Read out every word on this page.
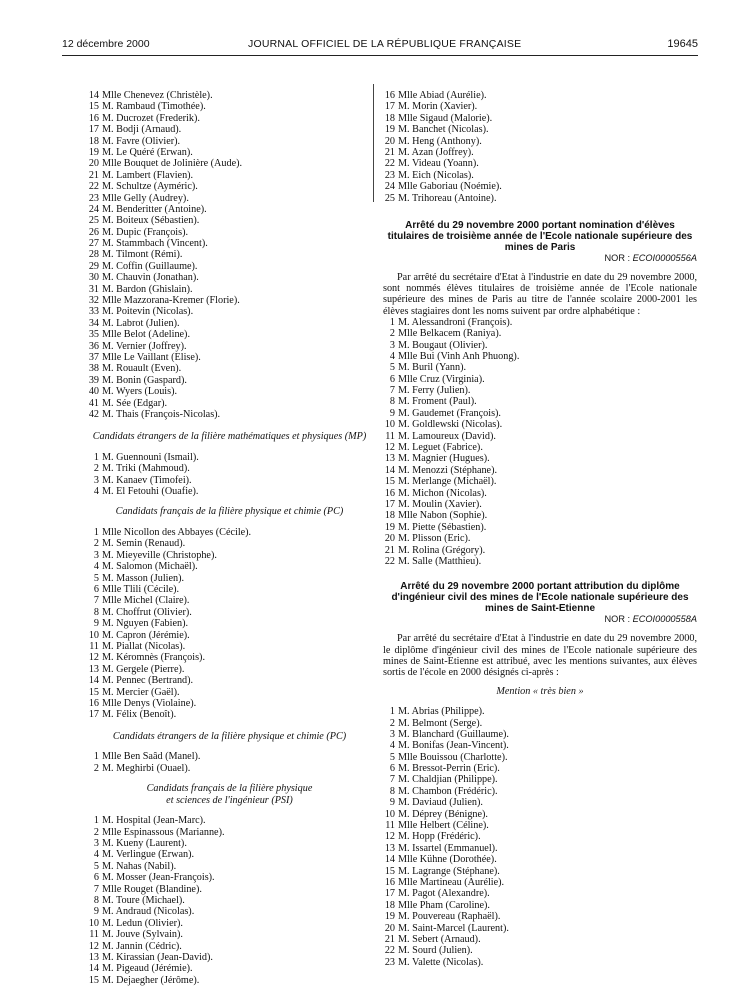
12 décembre 2000	JOURNAL OFFICIEL DE LA RÉPUBLIQUE FRANÇAISE	19645
14 Mlle Chenevez (Christèle).
15 M. Rambaud (Timothée).
16 M. Ducrozet (Frederik).
17 M. Bodji (Arnaud).
18 M. Favre (Olivier).
19 M. Le Quéré (Erwan).
20 Mlle Bouquet de Jolinière (Aude).
21 M. Lambert (Flavien).
22 M. Schultze (Ayméric).
23 Mlle Gelly (Audrey).
24 M. Benderitter (Antoine).
25 M. Boiteux (Sébastien).
26 M. Dupic (François).
27 M. Stammbach (Vincent).
28 M. Tilmont (Rémi).
29 M. Coffin (Guillaume).
30 M. Chauvin (Jonathan).
31 M. Bardon (Ghislain).
32 Mlle Mazzorana-Kremer (Florie).
33 M. Poitevin (Nicolas).
34 M. Labrot (Julien).
35 Mlle Belot (Adeline).
36 M. Vernier (Joffrey).
37 Mlle Le Vaillant (Elise).
38 M. Rouault (Even).
39 M. Bonin (Gaspard).
40 M. Wyers (Louis).
41 M. Sée (Edgar).
42 M. Thais (François-Nicolas).

Candidats étrangers de la filière mathématiques et physiques (MP)

1 M. Guennouni (Ismail).
2 M. Triki (Mahmoud).
3 M. Kanaev (Timofei).
4 M. El Fetouhi (Ouafie).

Candidats français de la filière physique et chimie (PC)

1 Mlle Nicollon des Abbayes (Cécile).
2 M. Semin (Renaud).
3 M. Mieyeville (Christophe).
4 M. Salomon (Michaël).
5 M. Masson (Julien).
6 Mlle Tlili (Cécile).
7 Mlle Michel (Claire).
8 M. Choffrut (Olivier).
9 M. Nguyen (Fabien).
10 M. Capron (Jérémie).
11 M. Piallat (Nicolas).
12 M. Kéromnès (François).
13 M. Gergele (Pierre).
14 M. Pennec (Bertrand).
15 M. Mercier (Gaël).
16 Mlle Denys (Violaine).
17 M. Félix (Benoît).

Candidats étrangers de la filière physique et chimie (PC)

1 Mlle Ben Saâd (Manel).
2 M. Meghirbi (Ouael).

Candidats français de la filière physique

et sciences de l'ingénieur (PSI)

1 M. Hospital (Jean-Marc).
2 Mlle Espinassous (Marianne).
3 M. Kueny (Laurent).
4 M. Verlingue (Erwan).
5 M. Nahas (Nabil).
6 M. Mosser (Jean-François).
7 Mlle Rouget (Blandine).
8 M. Toure (Michael).
9 M. Andraud (Nicolas).
10 M. Ledun (Olivier).
11 M. Jouve (Sylvain).
12 M. Jannin (Cédric).
13 M. Kirassian (Jean-David).
14 M. Pigeaud (Jérémie).
15 M. Dejaegher (Jérôme).
16 Mlle Abiad (Aurélie).
17 M. Morin (Xavier).
18 Mlle Sigaud (Malorie).
19 M. Banchet (Nicolas).
20 M. Heng (Anthony).
21 M. Azan (Joffrey).
22 M. Videau (Yoann).
23 M. Eich (Nicolas).
24 Mlle Gaboriau (Noémie).
25 M. Trihoreau (Antoine).

Arrêté du 29 novembre 2000 portant nomination d'élèves titulaires de troisième année de l'Ecole nationale supérieure des mines de Paris

NOR : ECOI0000556A

Par arrêté du secrétaire d'Etat à l'industrie en date du 29 novembre 2000, sont nommés élèves titulaires de troisième année de l'Ecole nationale supérieure des mines de Paris au titre de l'année scolaire 2000-2001 les élèves stagiaires dont les noms suivent par ordre alphabétique :

1 M. Alessandroni (François).
2 Mlle Belkacem (Raniya).
3 M. Bougaut (Olivier).
4 Mlle Bui (Vinh Anh Phuong).
5 M. Buril (Yann).
6 Mlle Cruz (Virginia).
7 M. Ferry (Julien).
8 M. Froment (Paul).
9 M. Gaudemet (François).
10 M. Goldlewski (Nicolas).
11 M. Lamoureux (David).
12 M. Leguet (Fabrice).
13 M. Magnier (Hugues).
14 M. Menozzi (Stéphane).
15 M. Merlange (Michaël).
16 M. Michon (Nicolas).
17 M. Moulin (Xavier).
18 Mlle Nabon (Sophie).
19 M. Piette (Sébastien).
20 M. Plisson (Eric).
21 M. Rolina (Grégory).
22 M. Salle (Matthieu).

Arrêté du 29 novembre 2000 portant attribution du diplôme d'ingénieur civil des mines de l'Ecole nationale supérieure des mines de Saint-Etienne

NOR : ECOI0000558A

Par arrêté du secrétaire d'Etat à l'industrie en date du 29 novembre 2000, le diplôme d'ingénieur civil des mines de l'Ecole nationale supérieure des mines de Saint-Etienne est attribué, avec les mentions suivantes, aux élèves sortis de l'école en 2000 désignés ci-après :

Mention « très bien »

1 M. Abrias (Philippe).
2 M. Belmont (Serge).
3 M. Blanchard (Guillaume).
4 M. Bonifas (Jean-Vincent).
5 Mlle Bouissou (Charlotte).
6 M. Bressot-Perrin (Eric).
7 M. Chaldjian (Philippe).
8 M. Chambon (Frédéric).
9 M. Daviaud (Julien).
10 M. Déprey (Bénigne).
11 Mlle Helbert (Céline).
12 M. Hopp (Frédéric).
13 M. Issartel (Emmanuel).
14 Mlle Kühne (Dorothée).
15 M. Lagrange (Stéphane).
16 Mlle Martineau (Aurélie).
17 M. Pagot (Alexandre).
18 Mlle Pham (Caroline).
19 M. Pouvereau (Raphaël).
20 M. Saint-Marcel (Laurent).
21 M. Sebert (Arnaud).
22 M. Sourd (Julien).
23 M. Valette (Nicolas).
